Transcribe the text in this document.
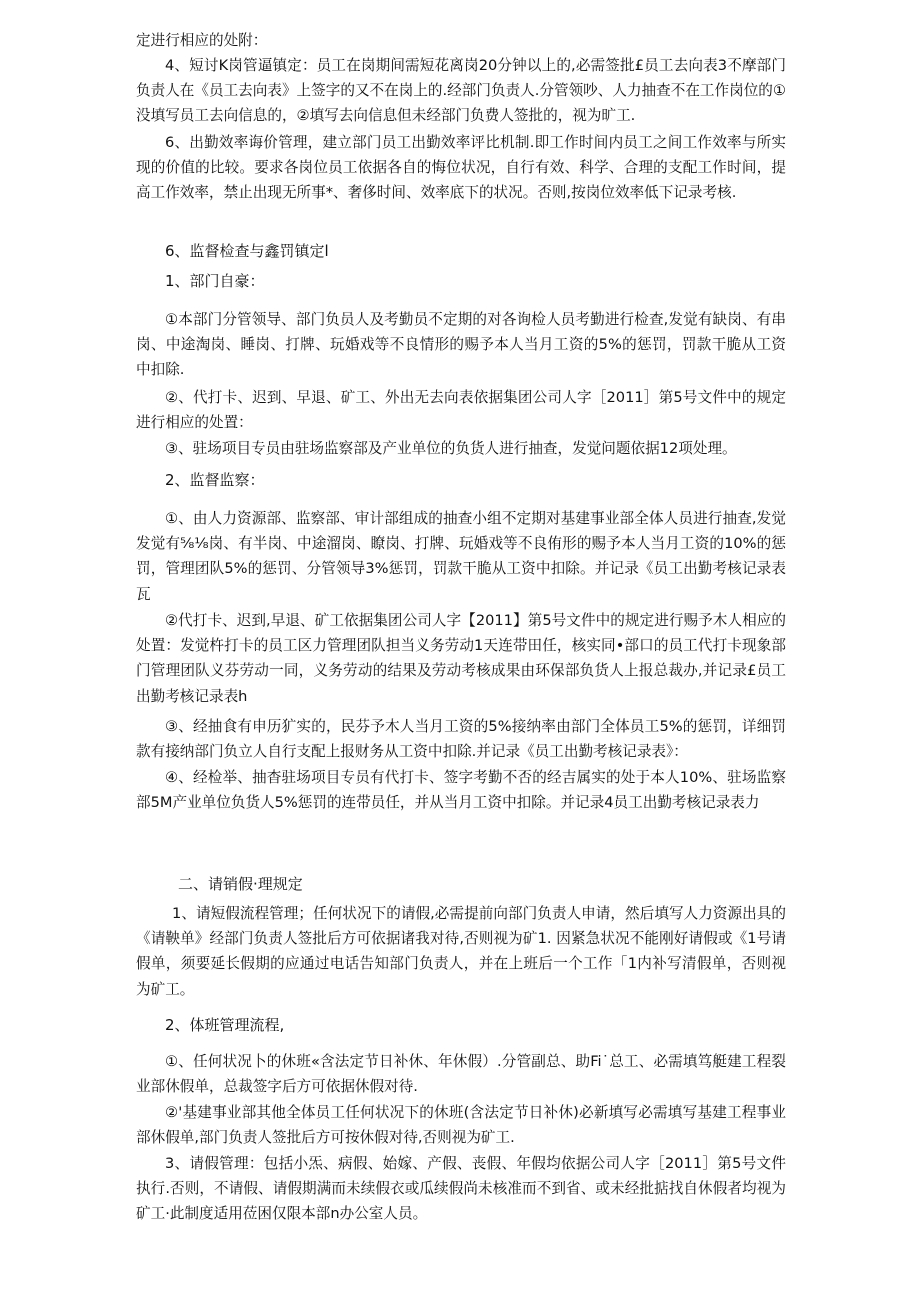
定进行相应的处附：

4、短讨K岗管逼镇定：员工在岗期间需短花离岗20分钟以上的,必需签批£员工去向表3不摩部门负责人在《员工去向表》上签字的又不在岗上的.经部门负责人.分管领吵、人力抽查不在工作岗位的①没填写员工去向信息的，②填写去向信息但未经部门负费人签批的，视为旷工.

6、出勤效率诲价管理，建立部门员工出勤效率评比机制.即工作时间内员工之间工作效率与所实现的价值的比较。要求各岗位员工依据各自的悔位状况，自行有效、科学、合理的支配工作时间，提高工作效率，禁止出现无所事*、奢侈时间、效率底下的状况。否则,按岗位效率低下记录考核.

6、监督检查与鑫罚镇定l

1、部门自豪：

①本部门分管领导、部门负员人及考勤员不定期的对各询检人员考勤进行检查,发觉有缺岗、有串岗、中途淘岗、睡岗、打牌、玩婚戏等不良情形的赐予本人当月工资的5%的惩罚，罚款干脆从工资中扣除.

②、代打卡、迟到、早退、矿工、外出无去向表依据集团公司人字［2011］第5号文件中的规定进行相应的处置：

③、驻场项目专员由驻场监察部及产业单位的负货人进行抽查，发觉问题依据12项处理。

2、监督监察：

①、由人力资源部、监察部、审计部组成的抽查小组不定期对基建事业部全体人员进行抽查,发觉发觉有⅝⅛岗、有半岗、中途溜岗、瞭岗、打牌、玩婚戏等不良侑形的赐予本人当月工资的10%的惩罚，管理团队5%的惩罚、分管领导3%惩罚，罚款干脆从工资中扣除。并记录《员工出勤考核记录表瓦

②代打卡、迟到,早退、矿工依据集团公司人字【2011】第5号文件中的规定进行赐予木人相应的处置：发觉杵打卡的员工区力管理团队担当义务劳动1天连带田任，核实同•部口的员工代打卡现象部门管理团队义芬劳动一同，义务劳动的结果及劳动考核成果由环保部负货人上报总裁办,并记录£员工出勤考核记录表h

③、经抽食有申历犷实的，民芬予木人当月工资的5%接纳率由部门全体员工5%的惩罚，详细罚款有接纳部门负立人自行支配上报财务从工资中扣除.并记录《员工出勤考核记录表》：

④、经检举、抽杳驻场项目专员有代打卡、签字考勤不否的经吉属实的处于本人10%、驻场监察部5M产业单位负货人5%惩罚的连带员任，并从当月工资中扣除。并记录4员工出勤考核记录表力

二、请销假·理规定

1、请短假流程管理；任何状况下的请假,必需提前向部门负责人申请，然后填写人力资源出具的《请鞅单》经部门负责人签批后方可依据诸我对待,否则视为矿1. 因紧急状况不能刚好请假或《1号请假单，须要延长假期的应通过电话告知部门负责人，并在上班后一个工作「1内补写清假单，否则视为矿工。

2、体班管理流程,

①、任何状况卜的休班«含法定节日补休、年休假）.分管副总、助Fi˙总工、必需填笃艇建工程裂业部休假单，总裁签字后方可依据休假对待.

②'基建事业部其他全体员工任何状况下的休班(含法定节日补休)必新填写必需填写基建工程事业部休假单,部门负责人签批后方可按休假对待,否则视为矿工.

3、请假管理：包括小炁、病假、始嫁、产假、丧假、年假均依据公司人字［2011］第5号文件执行.否则，不请假、请假期满而未续假衣或瓜续假尚未核准而不到省、或未经批掂找自休假者均视为矿工·此制度适用莅困仅限本部n办公室人员。
